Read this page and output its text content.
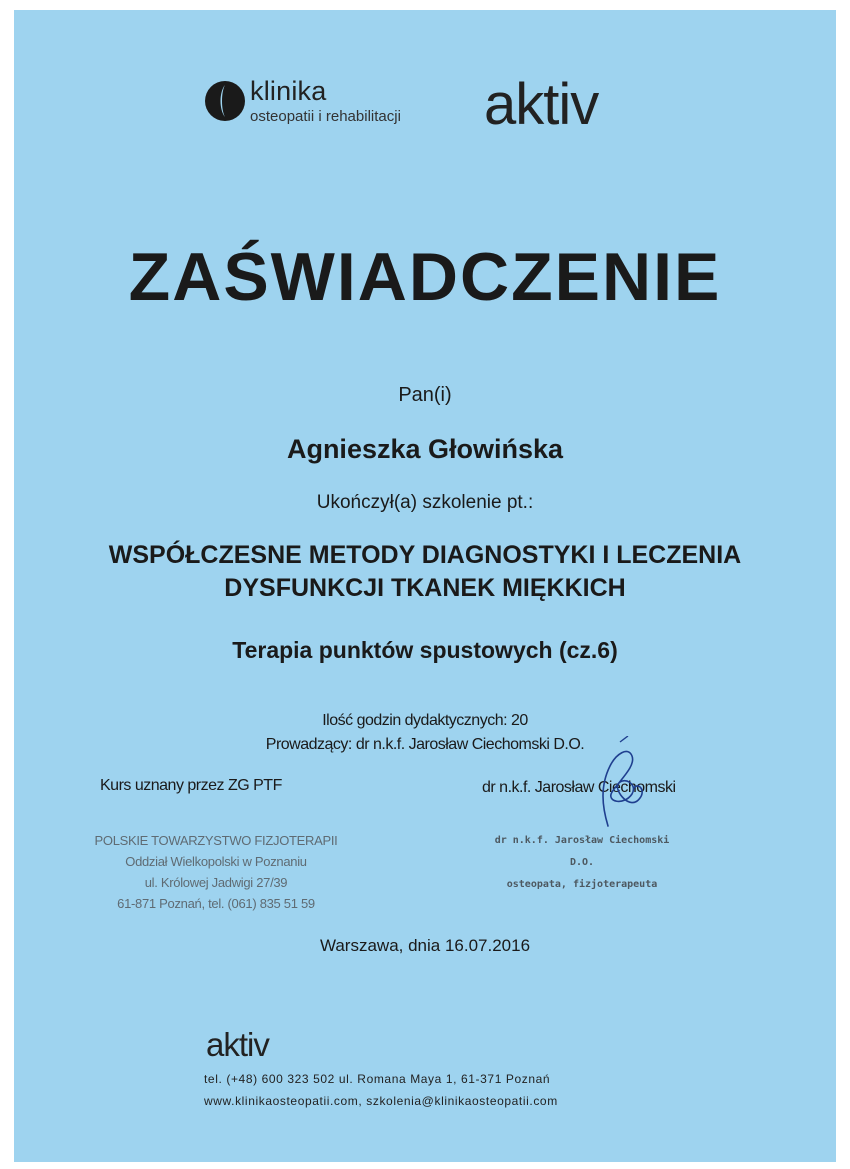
klinika
osteopatii i rehabilitacji aktiv
ZAŚWIADCZENIE
Pan(i)
Agnieszka Głowińska
Ukończył(a) szkolenie pt.:
WSPÓŁCZESNE METODY DIAGNOSTYKI I LECZENIA
DYSFUNKCJI TKANEK MIĘKKICH
Terapia punktów spustowych (cz.6)
Ilość godzin dydaktycznych: 20
Prowadzący: dr n.k.f. Jarosław Ciechomski D.O.
Kurs uznany przez ZG PTF	dr n.k.f. Jarosław Ciechomski
POLSKIE TOWARZYSTWO FIZJOTERAPII
Oddział Wielkopolski w Poznaniu
ul. Królowej Jadwigi 27/39
61-871 Poznań, tel. (061) 835 51 59
dr n.k.f. Jarosław Ciechomski D.O.
osteopata, fizjoterapeuta
Warszawa, dnia 16.07.2016
aktiv
tel. (+48) 600 323 502 ul. Romana Maya 1, 61-371 Poznań
www.klinikaosteopatii.com, szkolenia@klinikaosteopatii.com
